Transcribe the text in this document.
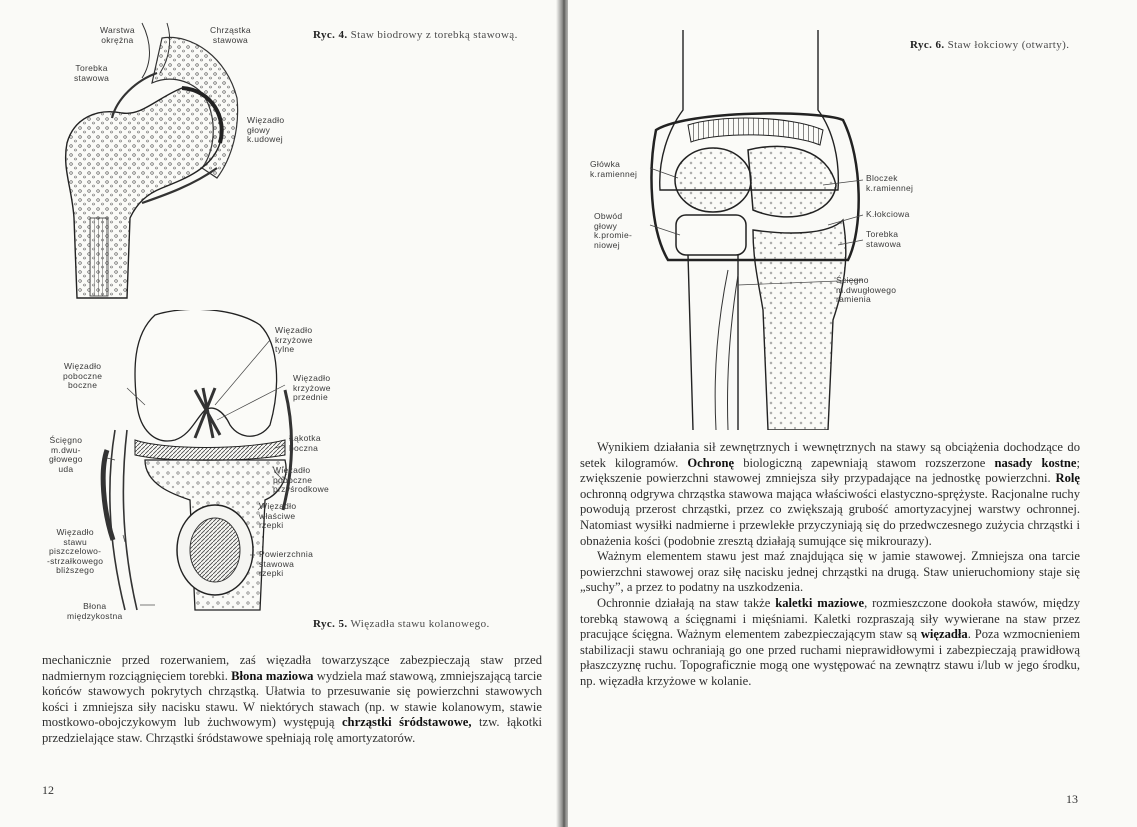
Warstwa
okrężna
Chrząstka
stawowa
Torebka
stawowa
Więzadło
głowy
k.udowej
Ryc. 4. Staw biodrowy z torebką stawową.
Więzadło
krzyżowe
tylne
Więzadło
poboczne
boczne
Więzadło
krzyżowe
przednie
Ścięgno
m.dwu-
głowego
uda
Łąkotka
boczna
Więzadło
poboczne
przyśrodkowe
Więzadło
właściwe
rzepki
Więzadło
stawu
piszczelowo-
-strzałkowego
bliższego
Powierzchnia
stawowa
rzepki
Błona
międzykostna
Ryc. 5. Więzadła stawu kolanowego.

mechanicznie przed rozerwaniem, zaś więzadła towarzyszące zabezpieczają staw przed nadmiernym rozciągnięciem torebki. Błona maziowa wydziela maź stawową, zmniejszającą tarcie końców stawowych pokrytych chrząstką. Ułatwia to przesuwanie się powierzchni stawowych kości i zmniejsza siły nacisku stawu. W niektórych stawach (np. w stawie kolanowym, stawie mostkowo-obojczykowym lub żuchwowym) występują chrząstki śródstawowe, tzw. łąkotki przedzielające staw. Chrząstki śródstawowe spełniają rolę amortyzatorów.

12
Główka
k.ramiennej	Bloczek
k.ramiennej
K.łokciowa
Obwód
głowy
k.promie-
niowej
Torebka
stawowa
Ścięgno
m.dwugłowego
ramienia
Ryc. 6. Staw łokciowy (otwarty).

Wynikiem działania sił zewnętrznych i wewnętrznych na stawy są obciążenia dochodzące do setek kilogramów. Ochronę biologiczną zapewniają stawom rozszerzone nasady kostne; zwiększenie powierzchni stawowej zmniejsza siły przypadające na jednostkę powierzchni. Rolę ochronną odgrywa chrząstka stawowa mająca właściwości elastyczno-sprężyste. Racjonalne ruchy powodują przerost chrząstki, przez co zwiększają grubość amortyzacyjnej warstwy ochronnej. Natomiast wysiłki nadmierne i przewlekłe przyczyniają się do przedwczesnego zużycia chrząstki i obnażenia kości (podobnie zresztą działają sumujące się mikrourazy).

Ważnym elementem stawu jest maź znajdująca się w jamie stawowej. Zmniejsza ona tarcie powierzchni stawowej oraz siłę nacisku jednej chrząstki na drugą. Staw unieruchomiony staje się „suchy”, a przez to podatny na uszkodzenia.

Ochronnie działają na staw także kaletki maziowe, rozmieszczone dookoła stawów, między torebką stawową a ścięgnami i mięśniami. Kaletki rozpraszają siły wywierane na staw przez pracujące ścięgna. Ważnym elementem zabezpieczającym staw są więzadła. Poza wzmocnieniem stabilizacji stawu ochraniają go one przed ruchami nieprawidłowymi i zabezpieczają prawidłową płaszczyznę ruchu. Topograficznie mogą one występować na zewnątrz stawu i/lub w jego środku, np. więzadła krzyżowe w kolanie.

13
